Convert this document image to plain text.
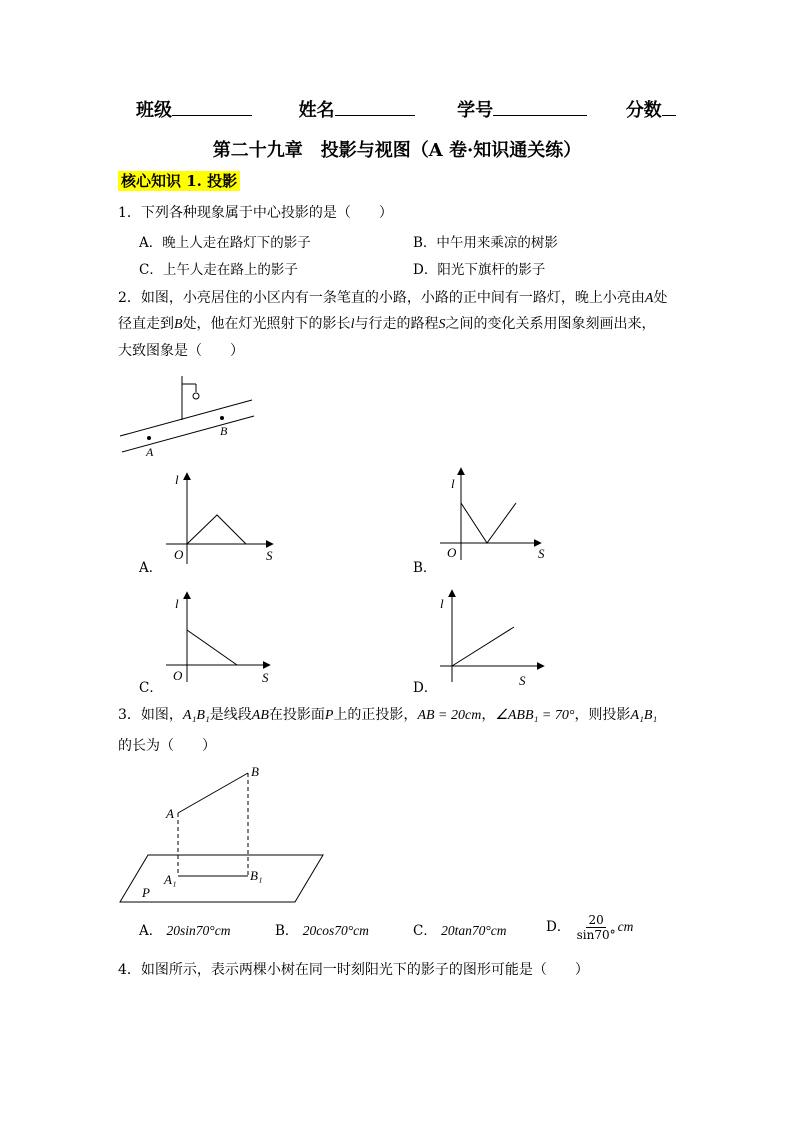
班级	姓名	学号	分数
第二十九章　投影与视图（A 卷·知识通关练）
核心知识 1. 投影
1．下列各种现象属于中心投影的是（　　）
A．晚上人走在路灯下的影子	B．中午用来乘凉的树影
C．上午人走在路上的影子	D．阳光下旗杆的影子
2．如图，小亮居住的小区内有一条笔直的小路，小路的正中间有一路灯，晚上小亮由A处
径直走到B处，他在灯光照射下的影长l与行走的路程S之间的变化关系用图象刻画出来，
大致图象是（　　）
A
B
l
O	S
A．
l
O	S
B．
l
O	S
C．
l
S
D．
3．如图，A₁B₁是线段AB在投影面P上的正投影，AB = 20cm，∠ABB₁ = 70°，则投影A₁B₁
的长为（　　）
A
B
A₁	B₁
P
A． 20sin70°cm	B． 20cos70°cm	C． 20tan70°cm	D． $\frac{20}{\sin 70^\circ}$ cm
4．如图所示，表示两棵小树在同一时刻阳光下的影子的图形可能是（　　）
